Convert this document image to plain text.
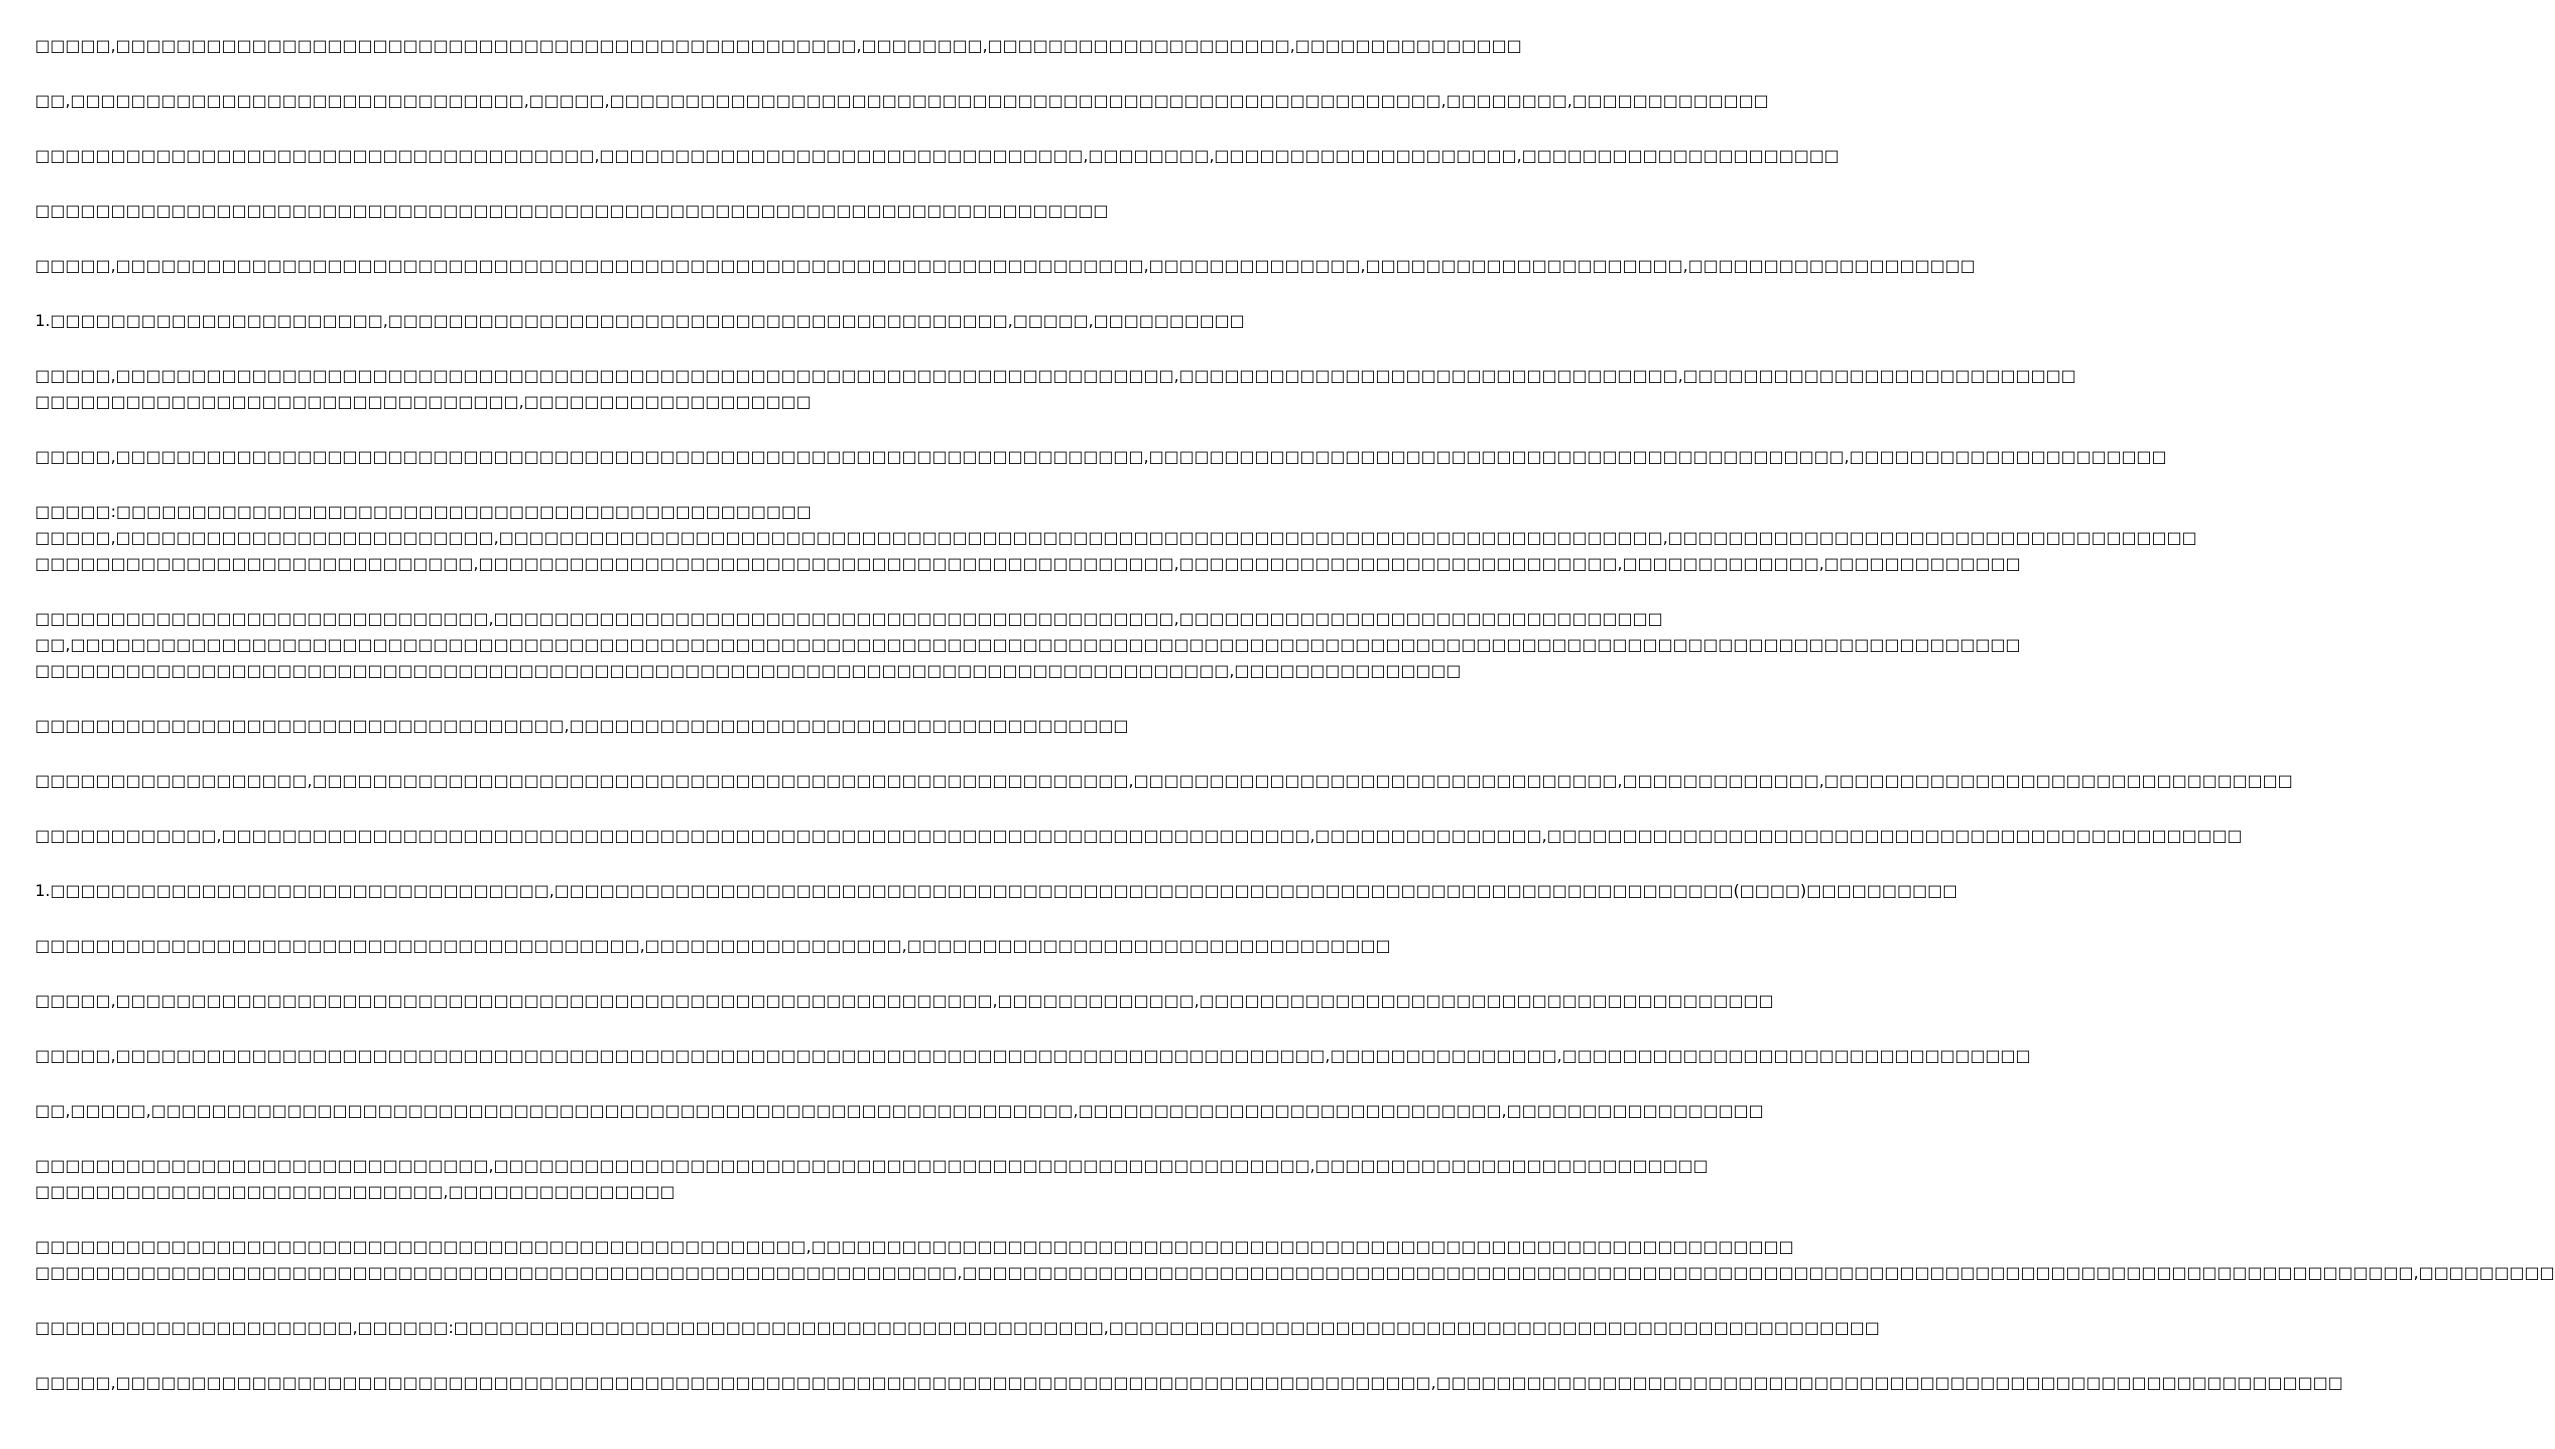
□□□□□,□□□□□□□□□□□□□□□□□□□□□□□□□□□□□□□□□□□□□□□□□□□□□□□□□,□□□□□□□□,□□□□□□□□□□□□□□□□□□□□,□□□□□□□□□□□□□□□
□□,□□□□□□□□□□□□□□□□□□□□□□□□□□□□□□,□□□□□,□□□□□□□□□□□□□□□□□□□□□□□□□□□□□□□□□□□□□□□□□□□□□□□□□□□□□□□,□□□□□□□□,□□□□□□□□□□□□□
□□□□□□□□□□□□□□□□□□□□□□□□□□□□□□□□□□□□□,□□□□□□□□□□□□□□□□□□□□□□□□□□□□□□□□,□□□□□□□□,□□□□□□□□□□□□□□□□□□□□,□□□□□□□□□□□□□□□□□□□□□
□□□□□□□□□□□□□□□□□□□□□□□□□□□□□□□□□□□□□□□□□□□□□□□□□□□□□□□□□□□□□□□□□□□□□□□
□□□□□,□□□□□□□□□□□□□□□□□□□□□□□□□□□□□□□□□□□□□□□□□□□□□□□□□□□□□□□□□□□□□□□□□□□□,□□□□□□□□□□□□□□,□□□□□□□□□□□□□□□□□□□□□,□□□□□□□□□□□□□□□□□□□
1.□□□□□□□□□□□□□□□□□□□□□□,□□□□□□□□□□□□□□□□□□□□□□□□□□□□□□□□□□□□□□□□□,□□□□□,□□□□□□□□□□
□□□□□,□□□□□□□□□□□□□□□□□□□□□□□□□□□□□□□□□□□□□□□□□□□□□□□□□□□□□□□□□□□□□□□□□□□□□□,□□□□□□□□□□□□□□□□□□□□□□□□□□□□□□□□□,□□□□□□□□□□□□□□□□□□□□□□□□□□
□□□□□□□□□□□□□□□□□□□□□□□□□□□□□□□□,□□□□□□□□□□□□□□□□□□□
□□□□□,□□□□□□□□□□□□□□□□□□□□□□□□□□□□□□□□□□□□□□□□□□□□□□□□□□□□□□□□□□□□□□□□□□□□,□□□□□□□□□□□□□□□□□□□□□□□□□□□□□□□□□□□□□□□□□□□□□□,□□□□□□□□□□□□□□□□□□□□□
□□□□□:□□□□□□□□□□□□□□□□□□□□□□□□□□□□□□□□□□□□□□□□□□□□□□
□□□□□,□□□□□□□□□□□□□□□□□□□□□□□□□,□□□□□□□□□□□□□□□□□□□□□□□□□□□□□□□□□□□□□□□□□□□□□□□□□□□□□□□□□□□□□□□□□□□□□□□□□□□□□,□□□□□□□□□□□□□□□□□□□□□□□□□□□□□□□□□□□
□□□□□□□□□□□□□□□□□□□□□□□□□□□□□,□□□□□□□□□□□□□□□□□□□□□□□□□□□□□□□□□□□□□□□□□□□□□□,□□□□□□□□□□□□□□□□□□□□□□□□□□□□□,□□□□□□□□□□□□□,□□□□□□□□□□□□□
□□□□□□□□□□□□□□□□□□□□□□□□□□□□□□,□□□□□□□□□□□□□□□□□□□□□□□□□□□□□□□□□□□□□□□□□□□□□,□□□□□□□□□□□□□□□□□□□□□□□□□□□□□□□□
□□,□□□□□□□□□□□□□□□□□□□□□□□□□□□□□□□□□□□□□□□□□□□□□□□□□□□□□□□□□□□□□□□□□□□□□□□□□□□□□□□□□□□□□□□□□□□□□□□□□□□□□□□□□□□□□□□□□□□□□□□□□□□□□□□□□
□□□□□□□□□□□□□□□□□□□□□□□□□□□□□□□□□□□□□□□□□□□□□□□□□□□□□□□□□□□□□□□□□□□□□□□□□□□□□□□,□□□□□□□□□□□□□□□
□□□□□□□□□□□□□□□□□□□□□□□□□□□□□□□□□□□,□□□□□□□□□□□□□□□□□□□□□□□□□□□□□□□□□□□□□
□□□□□□□□□□□□□□□□□□,□□□□□□□□□□□□□□□□□□□□□□□□□□□□□□□□□□□□□□□□□□□□□□□□□□□□□□,□□□□□□□□□□□□□□□□□□□□□□□□□□□□□□□□,□□□□□□□□□□□□□,□□□□□□□□□□□□□□□□□□□□□□□□□□□□□□□
□□□□□□□□□□□□,□□□□□□□□□□□□□□□□□□□□□□□□□□□□□□□□□□□□□□□□□□□□□□□□□□□□□□□□□□□□□□□□□□□□□□□□,□□□□□□□□□□□□□□□,□□□□□□□□□□□□□□□□□□□□□□□□□□□□□□□□□□□□□□□□□□□□□□
1.□□□□□□□□□□□□□□□□□□□□□□□□□□□□□□□□□,□□□□□□□□□□□□□□□□□□□□□□□□□□□□□□□□□□□□□□□□□□□□□□□□□□□□□□□□□□□□□□□□□□□□□□□□□□□□□□(□□□□)□□□□□□□□□□
□□□□□□□□□□□□□□□□□□□□□□□□□□□□□□□□□□□□□□□□,□□□□□□□□□□□□□□□□□,□□□□□□□□□□□□□□□□□□□□□□□□□□□□□□□□
□□□□□,□□□□□□□□□□□□□□□□□□□□□□□□□□□□□□□□□□□□□□□□□□□□□□□□□□□□□□□□□□,□□□□□□□□□□□□□,□□□□□□□□□□□□□□□□□□□□□□□□□□□□□□□□□□□□□□
□□□□□,□□□□□□□□□□□□□□□□□□□□□□□□□□□□□□□□□□□□□□□□□□□□□□□□□□□□□□□□□□□□□□□□□□□□□□□□□□□□□□□□,□□□□□□□□□□□□□□□,□□□□□□□□□□□□□□□□□□□□□□□□□□□□□□□
□□,□□□□□,□□□□□□□□□□□□□□□□□□□□□□□□□□□□□□□□□□□□□□□□□□□□□□□□□□□□□□□□□□□□□,□□□□□□□□□□□□□□□□□□□□□□□□□□□□,□□□□□□□□□□□□□□□□□
□□□□□□□□□□□□□□□□□□□□□□□□□□□□□□,□□□□□□□□□□□□□□□□□□□□□□□□□□□□□□□□□□□□□□□□□□□□□□□□□□□□□□,□□□□□□□□□□□□□□□□□□□□□□□□□□
□□□□□□□□□□□□□□□□□□□□□□□□□□□,□□□□□□□□□□□□□□□
□□□□□□□□□□□□□□□□□□□□□□□□□□□□□□□□□□□□□□□□□□□□□□□□□□□,□□□□□□□□□□□□□□□□□□□□□□□□□□□□□□□□□□□□□□□□□□□□□□□□□□□□□□□□□□□□□□□□□
□□□□□□□□□□□□□□□□□□□□□□□□□□□□□□□□□□□□□□□□□□□□□□□□□□□□□□□□□□□□□,□□□□□□□□□□□□□□□□□□□□□□□□□□□□□□□□□□□□□□□□□□□□□□□□□□□□□□□□□□□□□□□□□□□□□□□□□□□□□□□□□□□□□□□□□□□□□□□□,□□□□□□□□□
□□□□□□□□□□□□□□□□□□□□□,□□□□□□:□□□□□□□□□□□□□□□□□□□□□□□□□□□□□□□□□□□□□□□□□□□,□□□□□□□□□□□□□□□□□□□□□□□□□□□□□□□□□□□□□□□□□□□□□□□□□□□
□□□□□,□□□□□□□□□□□□□□□□□□□□□□□□□□□□□□□□□□□□□□□□□□□□□□□□□□□□□□□□□□□□□□□□□□□□□□□□□□□□□□□□□□□□□□□,□□□□□□□□□□□□□□□□□□□□□□□□□□□□□□□□□□□□□□□□□□□□□□□□□□□□□□□□□□□□
